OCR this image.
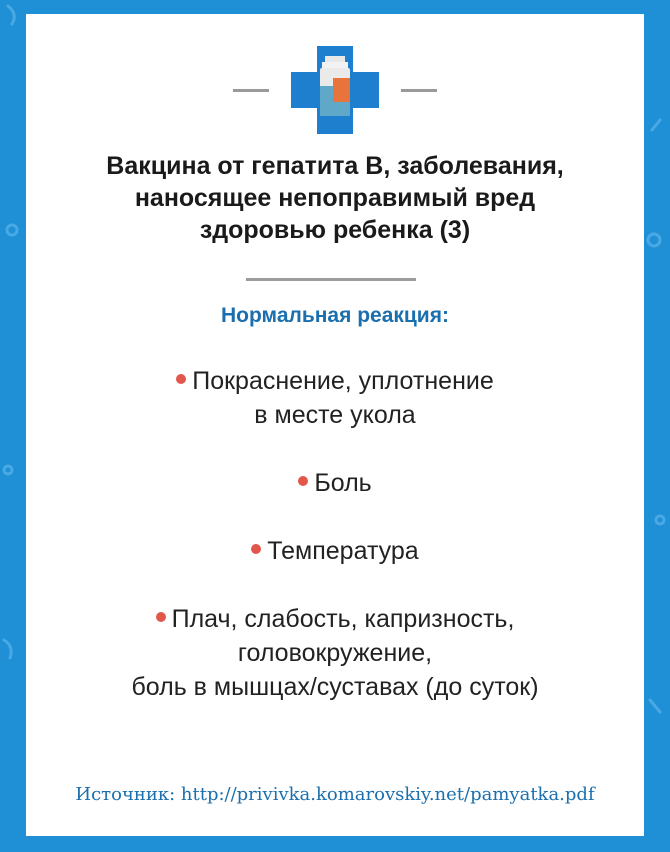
Вакцина от гепатита В, заболевания,
наносящее непоправимый вред
здоровью ребенка (3)
Нормальная реакция:
Покраснение, уплотнение
в месте укола
Боль
Температура
Плач, слабость, капризность,
головокружение,
боль в мышцах/суставах (до суток)
Источник: http://privivka.komarovskiy.net/pamyatka.pdf
